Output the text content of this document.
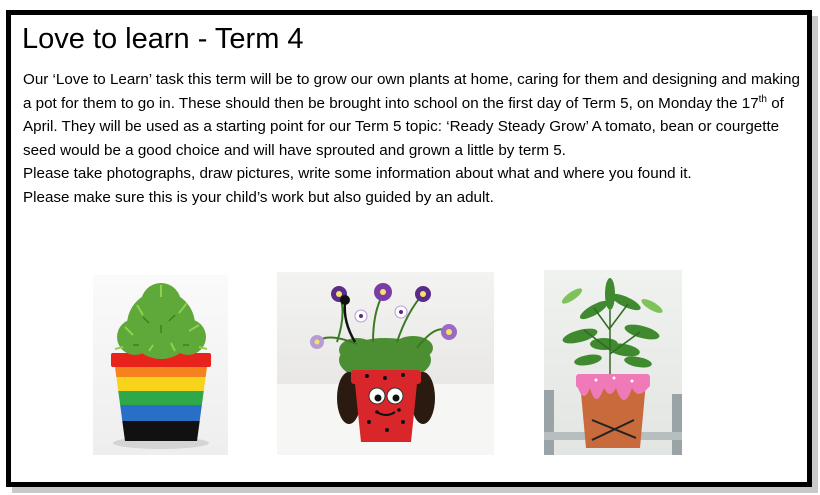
Love to learn - Term 4

Our ‘Love to Learn’ task this term will be to grow our own plants at home, caring for them and designing and making a pot for them to go in. These should then be brought into school on the first day of Term 5, on Monday the 17th of April. They will be used as a starting point for our Term 5 topic: ‘Ready Steady Grow’ A tomato, bean or courgette seed would be a good choice and will have sprouted and grown a little by term 5.

Please take photographs, draw pictures, write some information about what and where you found it.

Please make sure this is your child’s work but also guided by an adult.
